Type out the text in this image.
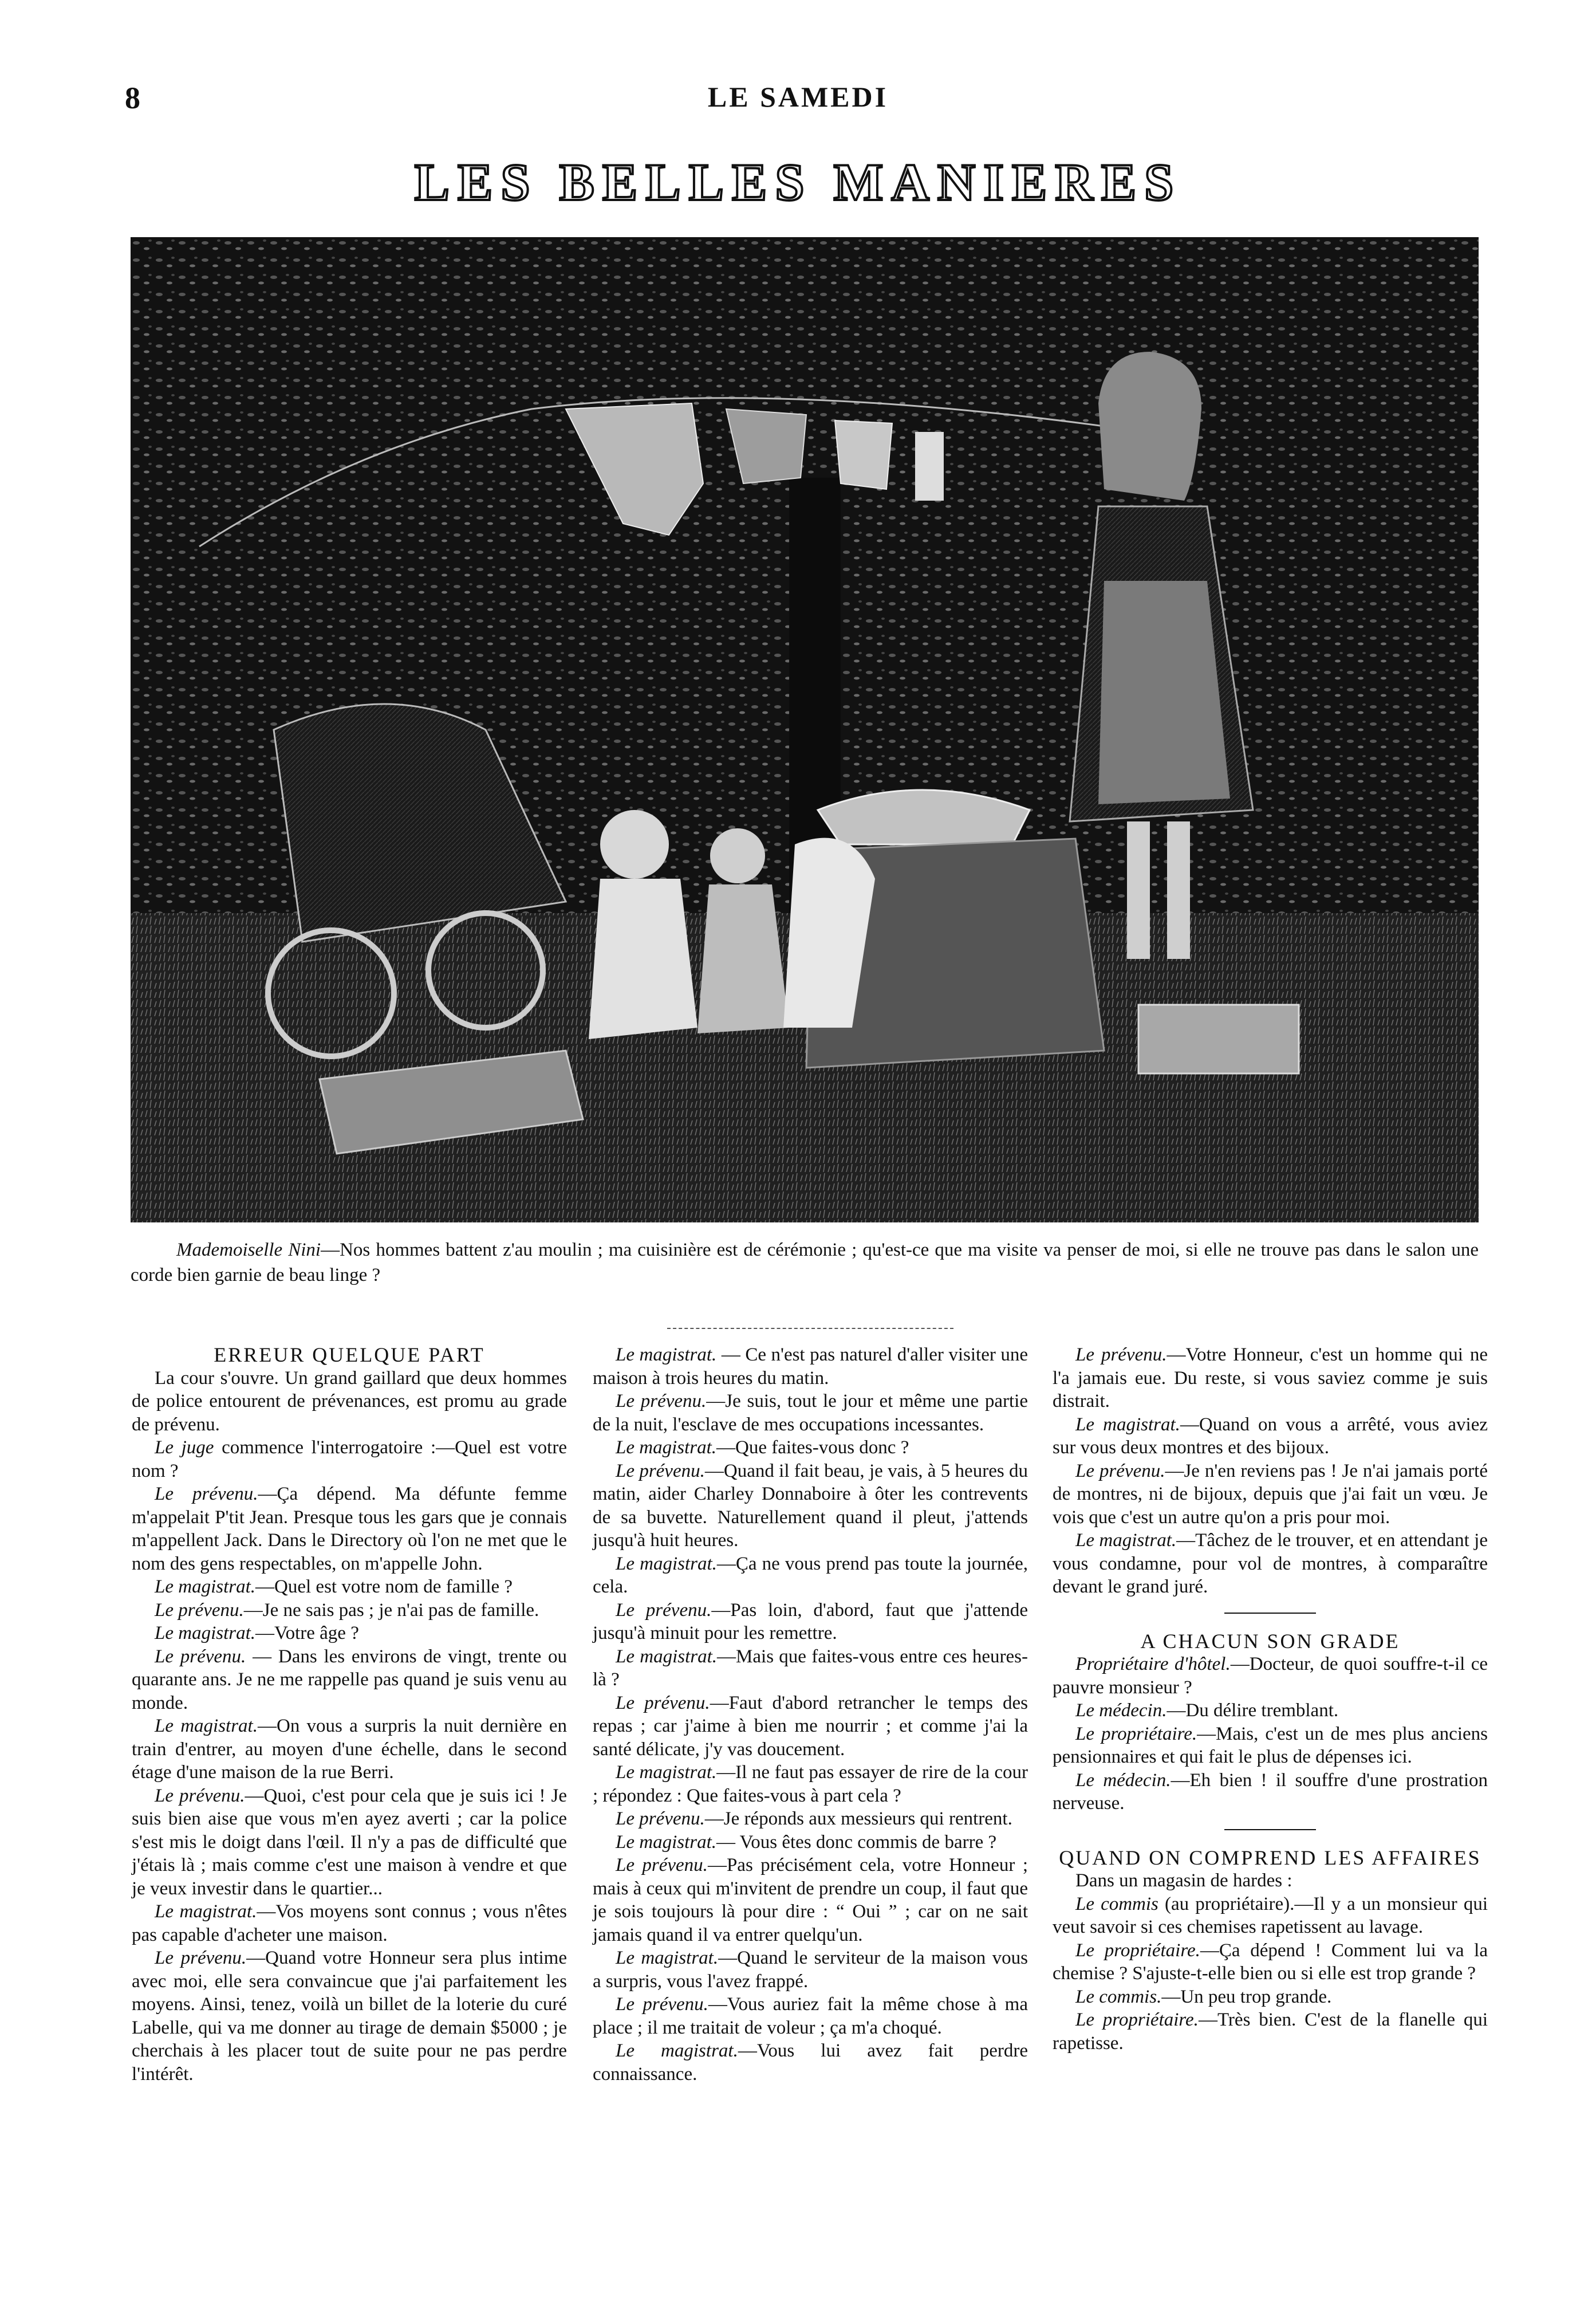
8	LE SAMEDI
LES BELLES MANIERES
Mademoiselle Nini—Nos hommes battent z'au moulin ; ma cuisinière est de cérémonie ; qu'est-ce que ma visite va penser de moi, si elle ne trouve pas dans le salon une corde bien garnie de beau linge ?

ERREUR QUELQUE PART

La cour s'ouvre. Un grand gaillard que deux hommes de police entourent de prévenances, est promu au grade de prévenu.

Le juge commence l'interrogatoire :—Quel est votre nom ?

Le prévenu.—Ça dépend. Ma défunte femme m'appelait P'tit Jean. Presque tous les gars que je connais m'appellent Jack. Dans le Directory où l'on ne met que le nom des gens respectables, on m'appelle John.

Le magistrat.—Quel est votre nom de famille ?

Le prévenu.—Je ne sais pas ; je n'ai pas de famille.

Le magistrat.—Votre âge ?

Le prévenu. — Dans les environs de vingt, trente ou quarante ans. Je ne me rappelle pas quand je suis venu au monde.

Le magistrat.—On vous a surpris la nuit dernière en train d'entrer, au moyen d'une échelle, dans le second étage d'une maison de la rue Berri.

Le prévenu.—Quoi, c'est pour cela que je suis ici ! Je suis bien aise que vous m'en ayez averti ; car la police s'est mis le doigt dans l'œil. Il n'y a pas de difficulté que j'étais là ; mais comme c'est une maison à vendre et que je veux investir dans le quartier...

Le magistrat.—Vos moyens sont connus ; vous n'êtes pas capable d'acheter une maison.

Le prévenu.—Quand votre Honneur sera plus intime avec moi, elle sera convaincue que j'ai parfaitement les moyens. Ainsi, tenez, voilà un billet de la loterie du curé Labelle, qui va me donner au tirage de demain $5000 ; je cherchais à les placer tout de suite pour ne pas perdre l'intérêt.

Le magistrat. — Ce n'est pas naturel d'aller visiter une maison à trois heures du matin.

Le prévenu.—Je suis, tout le jour et même une partie de la nuit, l'esclave de mes occupations incessantes.

Le magistrat.—Que faites-vous donc ?

Le prévenu.—Quand il fait beau, je vais, à 5 heures du matin, aider Charley Donnaboire à ôter les contrevents de sa buvette. Naturellement quand il pleut, j'attends jusqu'à huit heures.

Le magistrat.—Ça ne vous prend pas toute la journée, cela.

Le prévenu.—Pas loin, d'abord, faut que j'attende jusqu'à minuit pour les remettre.

Le magistrat.—Mais que faites-vous entre ces heures-là ?

Le prévenu.—Faut d'abord retrancher le temps des repas ; car j'aime à bien me nourrir ; et comme j'ai la santé délicate, j'y vas doucement.

Le magistrat.—Il ne faut pas essayer de rire de la cour ; répondez : Que faites-vous à part cela ?

Le prévenu.—Je réponds aux messieurs qui rentrent.

Le magistrat.— Vous êtes donc commis de barre ?

Le prévenu.—Pas précisément cela, votre Honneur ; mais à ceux qui m'invitent de prendre un coup, il faut que je sois toujours là pour dire : “ Oui ” ; car on ne sait jamais quand il va entrer quelqu'un.

Le magistrat.—Quand le serviteur de la maison vous a surpris, vous l'avez frappé.

Le prévenu.—Vous auriez fait la même chose à ma place ; il me traitait de voleur ; ça m'a choqué.

Le magistrat.—Vous lui avez fait perdre connaissance.

Le prévenu.—Votre Honneur, c'est un homme qui ne l'a jamais eue. Du reste, si vous saviez comme je suis distrait.

Le magistrat.—Quand on vous a arrêté, vous aviez sur vous deux montres et des bijoux.

Le prévenu.—Je n'en reviens pas ! Je n'ai jamais porté de montres, ni de bijoux, depuis que j'ai fait un vœu. Je vois que c'est un autre qu'on a pris pour moi.

Le magistrat.—Tâchez de le trouver, et en attendant je vous condamne, pour vol de montres, à comparaître devant le grand juré.

A CHACUN SON GRADE

Propriétaire d'hôtel.—Docteur, de quoi souffre-t-il ce pauvre monsieur ?

Le médecin.—Du délire tremblant.

Le propriétaire.—Mais, c'est un de mes plus anciens pensionnaires et qui fait le plus de dépenses ici.

Le médecin.—Eh bien ! il souffre d'une prostration nerveuse.

QUAND ON COMPREND LES AFFAIRES

Dans un magasin de hardes :

Le commis (au propriétaire).—Il y a un monsieur qui veut savoir si ces chemises rapetissent au lavage.

Le propriétaire.—Ça dépend ! Comment lui va la chemise ? S'ajuste-t-elle bien ou si elle est trop grande ?

Le commis.—Un peu trop grande.

Le propriétaire.—Très bien. C'est de la flanelle qui rapetisse.
